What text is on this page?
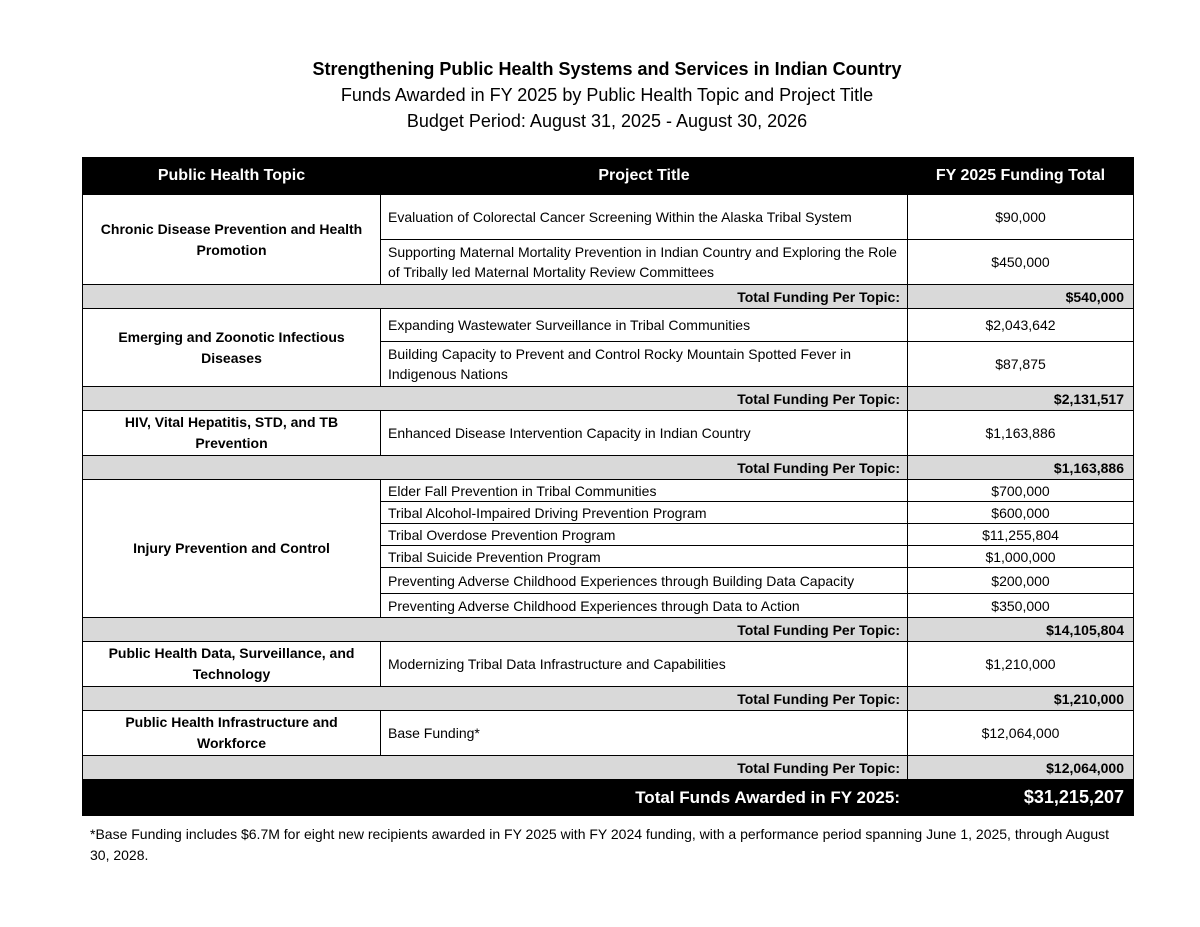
Strengthening Public Health Systems and Services in Indian Country
Funds Awarded in FY 2025 by Public Health Topic and Project Title
Budget Period: August 31, 2025 - August 30, 2026
Public Health Topic	Project Title	FY 2025 Funding Total
Chronic Disease Prevention and Health Promotion	Evaluation of Colorectal Cancer Screening Within the Alaska Tribal System	$90,000
	Supporting Maternal Mortality Prevention in Indian Country and Exploring the Role of Tribally led Maternal Mortality Review Committees	$450,000
Total Funding Per Topic:		$540,000
Emerging and Zoonotic Infectious Diseases	Expanding Wastewater Surveillance in Tribal Communities	$2,043,642
	Building Capacity to Prevent and Control Rocky Mountain Spotted Fever in Indigenous Nations	$87,875
Total Funding Per Topic:		$2,131,517
HIV, Vital Hepatitis, STD, and TB Prevention	Enhanced Disease Intervention Capacity in Indian Country	$1,163,886
Total Funding Per Topic:		$1,163,886
Injury Prevention and Control	Elder Fall Prevention in Tribal Communities	$700,000
	Tribal Alcohol-Impaired Driving Prevention Program	$600,000
	Tribal Overdose Prevention Program	$11,255,804
	Tribal Suicide Prevention Program	$1,000,000
	Preventing Adverse Childhood Experiences through Building Data Capacity	$200,000
	Preventing Adverse Childhood Experiences through Data to Action	$350,000
Total Funding Per Topic:		$14,105,804
Public Health Data, Surveillance, and Technology	Modernizing Tribal Data Infrastructure and Capabilities	$1,210,000
Total Funding Per Topic:		$1,210,000
Public Health Infrastructure and Workforce	Base Funding*	$12,064,000
Total Funding Per Topic:		$12,064,000
Total Funds Awarded in FY 2025:		$31,215,207
*Base Funding includes $6.7M for eight new recipients awarded in FY 2025 with FY 2024 funding, with a performance period spanning June 1, 2025, through August 30, 2028.
